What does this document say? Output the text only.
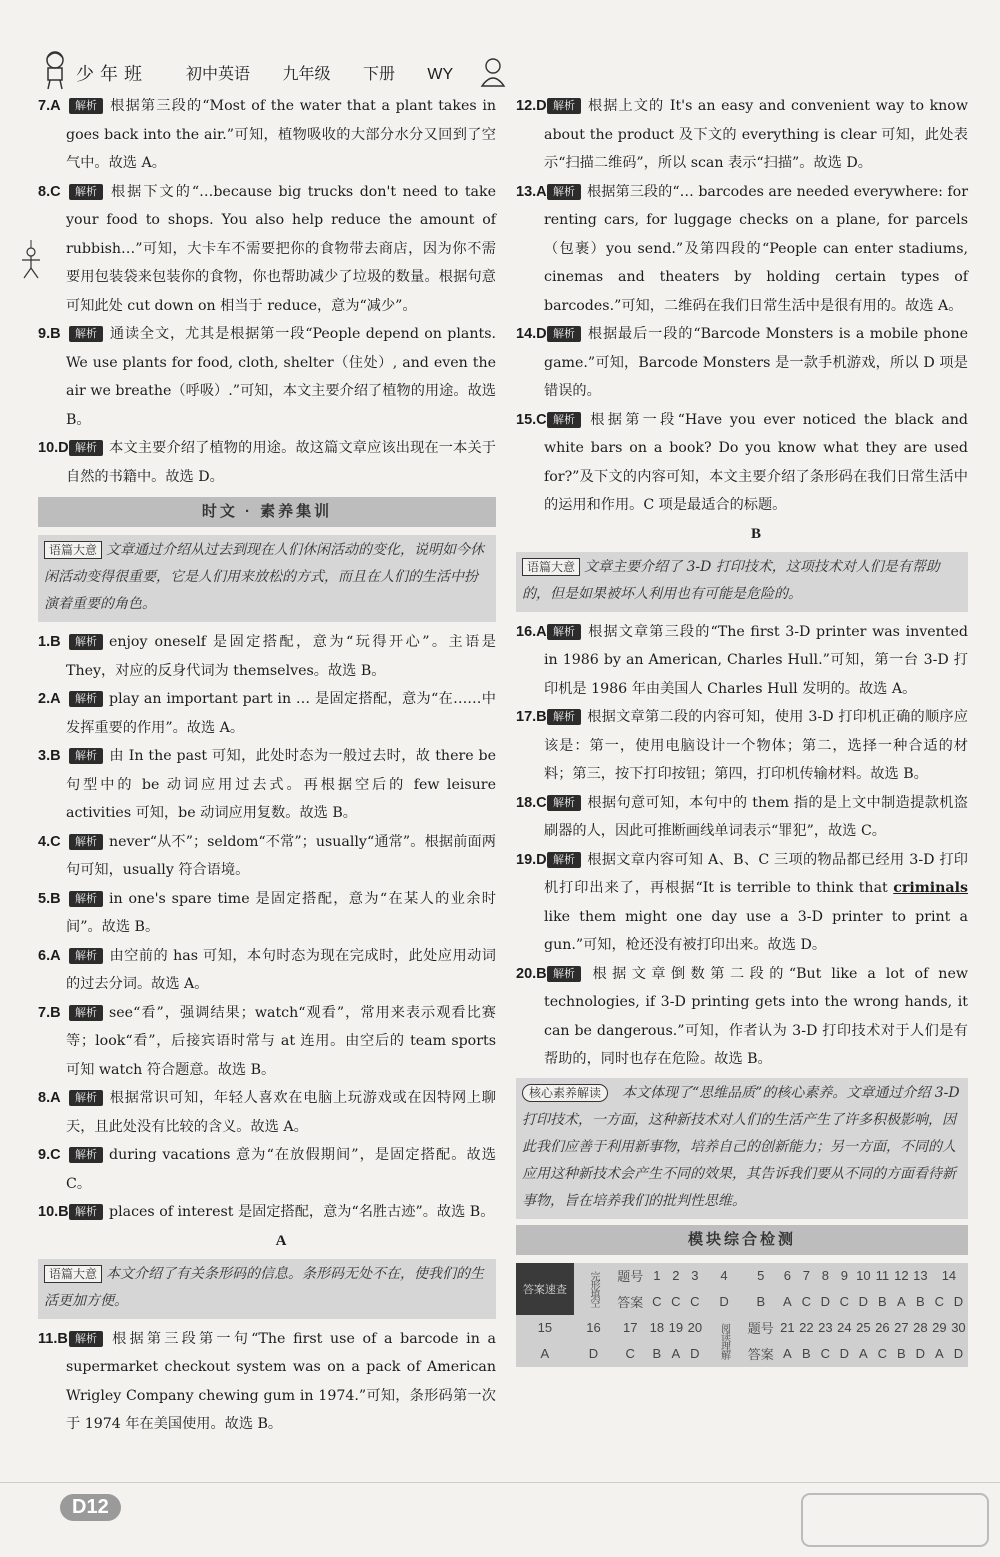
少年班 初中英语 九年级 下册 WY
7.A 解析 根据第三段的“Most of the water that a plant takes in goes back into the air.”可知，植物吸收的大部分水分又回到了空气中。故选 A。
8.C 解析 根据下文的“…because big trucks don't need to take your food to shops. You also help reduce the amount of rubbish…”可知，大卡车不需要把你的食物带去商店，因为你不需要用包装袋来包装你的食物，你也帮助减少了垃圾的数量。根据句意可知此处 cut down on 相当于 reduce，意为“减少”。
9.B 解析 通读全文，尤其是根据第一段“People depend on plants. We use plants for food, cloth, shelter（住处）, and even the air we breathe（呼吸）.”可知，本文主要介绍了植物的用途。故选 B。
10.D 解析 本文主要介绍了植物的用途。故这篇文章应该出现在一本关于自然的书籍中。故选 D。
时文 · 素养集训
语篇大意 文章通过介绍从过去到现在人们休闲活动的变化，说明如今休闲活动变得很重要，它是人们用来放松的方式，而且在人们的生活中扮演着重要的角色。
1.B 解析 enjoy oneself 是固定搭配，意为“玩得开心”。主语是 They，对应的反身代词为 themselves。故选 B。
2.A 解析 play an important part in … 是固定搭配，意为“在……中发挥重要的作用”。故选 A。
3.B 解析 由 In the past 可知，此处时态为一般过去时，故 there be 句型中的 be 动词应用过去式。再根据空后的 few leisure activities 可知，be 动词应用复数。故选 B。
4.C 解析 never“从不”；seldom“不常”；usually“通常”。根据前面两句可知，usually 符合语境。
5.B 解析 in one's spare time 是固定搭配，意为“在某人的业余时间”。故选 B。
6.A 解析 由空前的 has 可知，本句时态为现在完成时，此处应用动词的过去分词。故选 A。
7.B 解析 see“看”，强调结果；watch“观看”，常用来表示观看比赛等；look“看”，后接宾语时常与 at 连用。由空后的 team sports 可知 watch 符合题意。故选 B。
8.A 解析 根据常识可知，年轻人喜欢在电脑上玩游戏或在因特网上聊天，且此处没有比较的含义。故选 A。
9.C 解析 during vacations 意为“在放假期间”，是固定搭配。故选 C。
10.B 解析 places of interest 是固定搭配，意为“名胜古迹”。故选 B。
A
语篇大意 本文介绍了有关条形码的信息。条形码无处不在，使我们的生活更加方便。
11.B 解析 根据第三段第一句“The first use of a barcode in a supermarket checkout system was on a pack of American Wrigley Company chewing gum in 1974.”可知，条形码第一次于 1974 年在美国使用。故选 B。
12.D 解析 根据上文的 It's an easy and convenient way to know about the product 及下文的 everything is clear 可知，此处表示“扫描二维码”，所以 scan 表示“扫描”。故选 D。
13.A 解析 根据第三段的“… barcodes are needed everywhere: for renting cars, for luggage checks on a plane, for parcels（包裹）you send.”及第四段的“People can enter stadiums, cinemas and theaters by holding certain types of barcodes.”可知，二维码在我们日常生活中是很有用的。故选 A。
14.D 解析 根据最后一段的“Barcode Monsters is a mobile phone game.”可知，Barcode Monsters 是一款手机游戏，所以 D 项是错误的。
15.C 解析 根据第一段“Have you ever noticed the black and white bars on a book? Do you know what they are used for?”及下文的内容可知，本文主要介绍了条形码在我们日常生活中的运用和作用。C 项是最适合的标题。
B
语篇大意 文章主要介绍了 3-D 打印技术，这项技术对人们是有帮助的，但是如果被坏人利用也有可能是危险的。
16.A 解析 根据文章第三段的“The first 3-D printer was invented in 1986 by an American, Charles Hull.”可知，第一台 3-D 打印机是 1986 年由美国人 Charles Hull 发明的。故选 A。
17.B 解析 根据文章第二段的内容可知，使用 3-D 打印机正确的顺序应该是：第一，使用电脑设计一个物体；第二，选择一种合适的材料；第三，按下打印按钮；第四，打印机传输材料。故选 B。
18.C 解析 根据句意可知，本句中的 them 指的是上文中制造提款机盗刷器的人，因此可推断画线单词表示“罪犯”，故选 C。
19.D 解析 根据文章内容可知 A、B、C 三项的物品都已经用 3-D 打印机打印出来了，再根据“It is terrible to think that criminals like them might one day use a 3-D printer to print a gun.”可知，枪还没有被打印出来。故选 D。
20.B 解析 根据文章倒数第二段的“But like a lot of new technologies, if 3-D printing gets into the wrong hands, it can be dangerous.”可知，作者认为 3-D 打印技术对于人们是有帮助的，同时也存在危险。故选 B。
核心素养解读 本文体现了“思维品质”的核心素养。文章通过介绍 3-D 打印技术，一方面，这种新技术对人们的生活产生了许多积极影响，因此我们应善于利用新事物，培养自己的创新能力；另一方面，不同的人应用这种新技术会产生不同的效果，其告诉我们要从不同的方面看待新事物，旨在培养我们的批判性思维。
模块综合检测
答案速查	完形填空	题号	1	2	3	4	5	6	7	8	9	10	11	12	13	14	
		答案	C	C	C	D	B	A	C	D	C	D	B	A	B	C	D
15	16	17	18	19	20	阅读理解	题号	21	22	23	24	25	26	27	28	29	30
A	D	C	B	A	D		答案	A	B	C	D	A	C	B	D	A	D
D12
